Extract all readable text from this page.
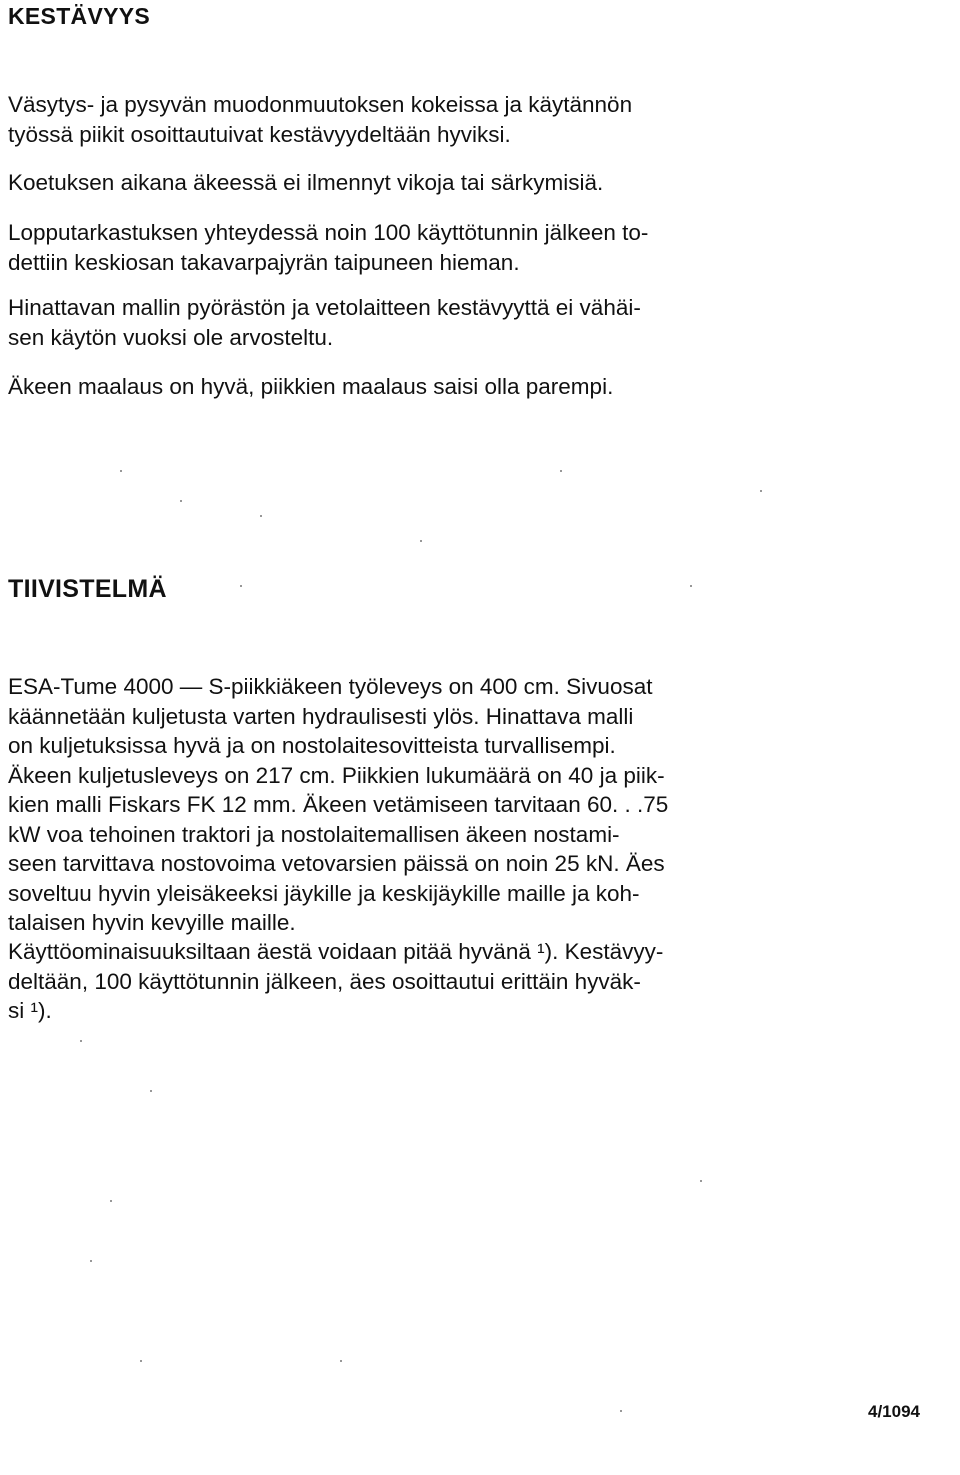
KESTÄVYYS

Väsytys- ja pysyvän muodonmuutoksen kokeissa ja käytännön
työssä piikit osoittautuivat kestävyydeltään hyviksi.

Koetuksen aikana äkeessä ei ilmennyt vikoja tai särkymisiä.

Lopputarkastuksen yhteydessä noin 100 käyttötunnin jälkeen to-
dettiin keskiosan takavarpajyrän taipuneen hieman.

Hinattavan mallin pyörästön ja vetolaitteen kestävyyttä ei vähäi-
sen käytön vuoksi ole arvosteltu.

Äkeen maalaus on hyvä, piikkien maalaus saisi olla parempi.

TIIVISTELMÄ

ESA-Tume 4000 — S-piikkiäkeen työleveys on 400 cm. Sivuosat
käännetään kuljetusta varten hydraulisesti ylös. Hinattava malli
on kuljetuksissa hyvä ja on nostolaitesovitteista turvallisempi.
Äkeen kuljetusleveys on 217 cm. Piikkien lukumäärä on 40 ja piik-
kien malli Fiskars FK 12 mm. Äkeen vetämiseen tarvitaan 60. . .75
kW voa tehoinen traktori ja nostolaitemallisen äkeen nostami-
seen tarvittava nostovoima vetovarsien päissä on noin 25 kN. Äes
soveltuu hyvin yleisäkeeksi jäykille ja keskijäykille maille ja koh-
talaisen hyvin kevyille maille.

Käyttöominaisuuksiltaan äestä voidaan pitää hyvänä ¹). Kestävyy-
deltään, 100 käyttötunnin jälkeen, äes osoittautui erittäin hyväk-
si ¹).

4/1094
